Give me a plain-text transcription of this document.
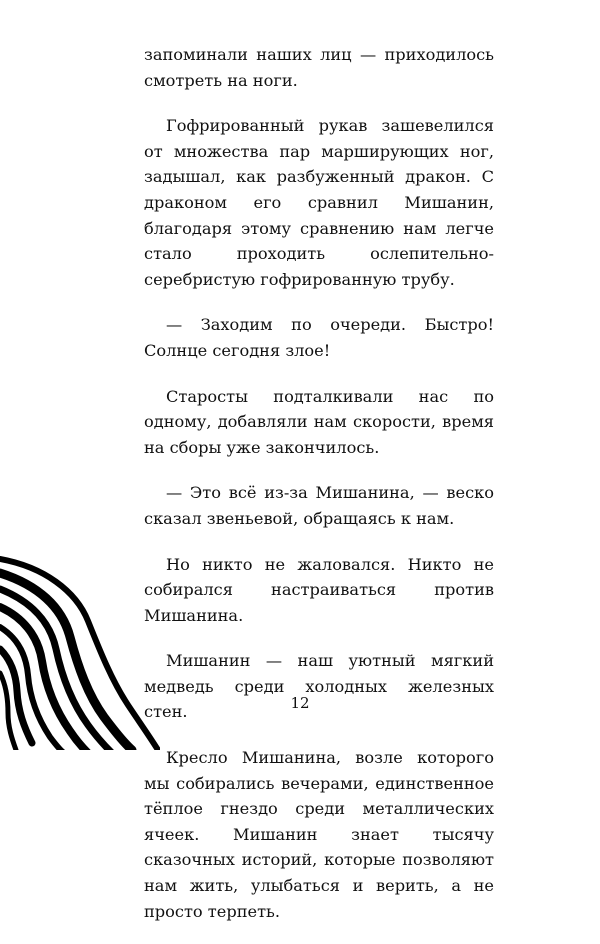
запоминали наших лиц — приходилось смотреть на ноги.

Гофрированный рукав зашевелился от множества пар марширующих ног, задышал, как разбуженный дракон. С драконом его сравнил Мишанин, благодаря этому сравнению нам легче стало проходить ослепительно-серебристую гофрированную трубу.

— Заходим по очереди. Быстро! Солнце сегодня злое!

Старосты подталкивали нас по одному, добавляли нам скорости, время на сборы уже закончилось.

— Это всё из-за Мишанина, — веско сказал звеньевой, обращаясь к нам.

Но никто не жаловался. Никто не собирался настраиваться против Мишанина.

Мишанин — наш уютный мягкий медведь среди холодных железных стен.

Кресло Мишанина, возле которого мы собирались вечерами, единственное тёплое гнездо среди металлических ячеек. Мишанин знает тысячу сказочных историй, которые позволяют нам жить, улыбаться и верить, а не просто терпеть.

12
